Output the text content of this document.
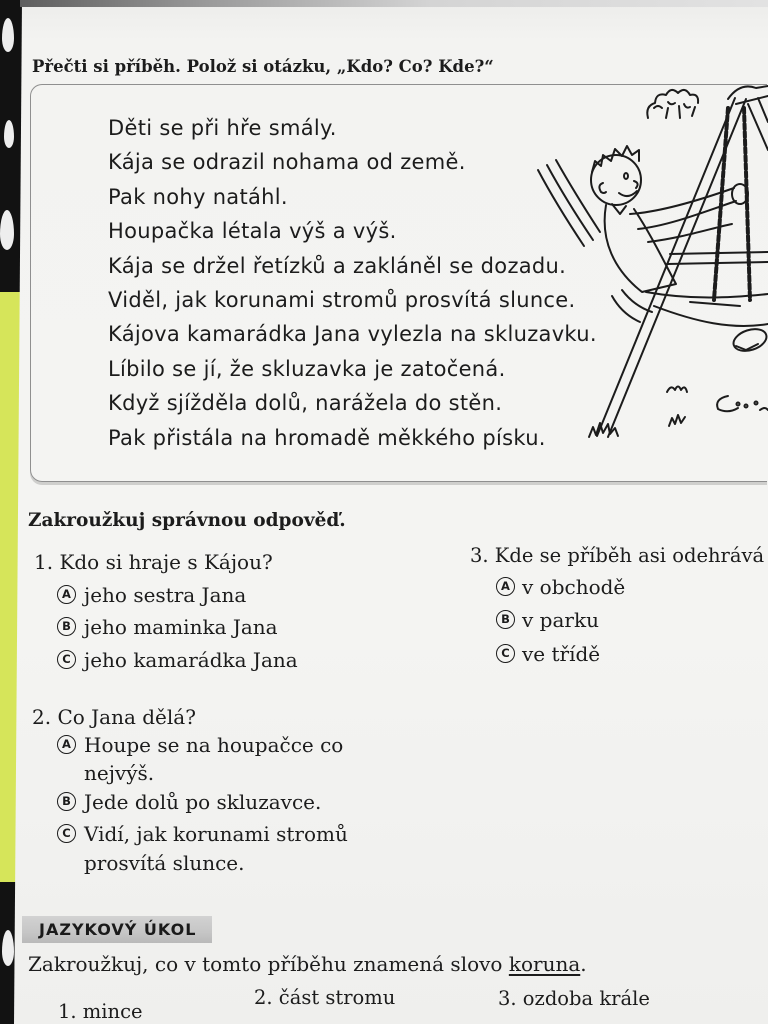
Přečti si příběh. Polož si otázku, „Kdo? Co? Kde?“
Děti se při hře smály.
Kája se odrazil nohama od země.
Pak nohy natáhl.
Houpačka létala výš a výš.
Kája se držel řetízků a zakláněl se dozadu.
Viděl, jak korunami stromů prosvítá slunce.
Kájova kamarádka Jana vylezla na skluzavku.
Líbilo se jí, že skluzavka je zatočená.
Když sjížděla dolů, narážela do stěn.
Pak přistála na hromadě měkkého písku.
Zakroužkuj správnou odpověď.
1. Kdo si hraje s Kájou?
A jeho sestra Jana
B jeho maminka Jana
C jeho kamarádka Jana
2. Co Jana dělá?
A Houpe se na houpačce co
nejvýš.
B Jede dolů po skluzavce.
C Vidí, jak korunami stromů
prosvítá slunce.
3. Kde se příběh asi odehrává
A v obchodě
B v parku
C ve třídě
JAZYKOVÝ ÚKOL
Zakroužkuj, co v tomto příběhu znamená slovo koruna.
1. mince
2. část stromu	3. ozdoba krále
